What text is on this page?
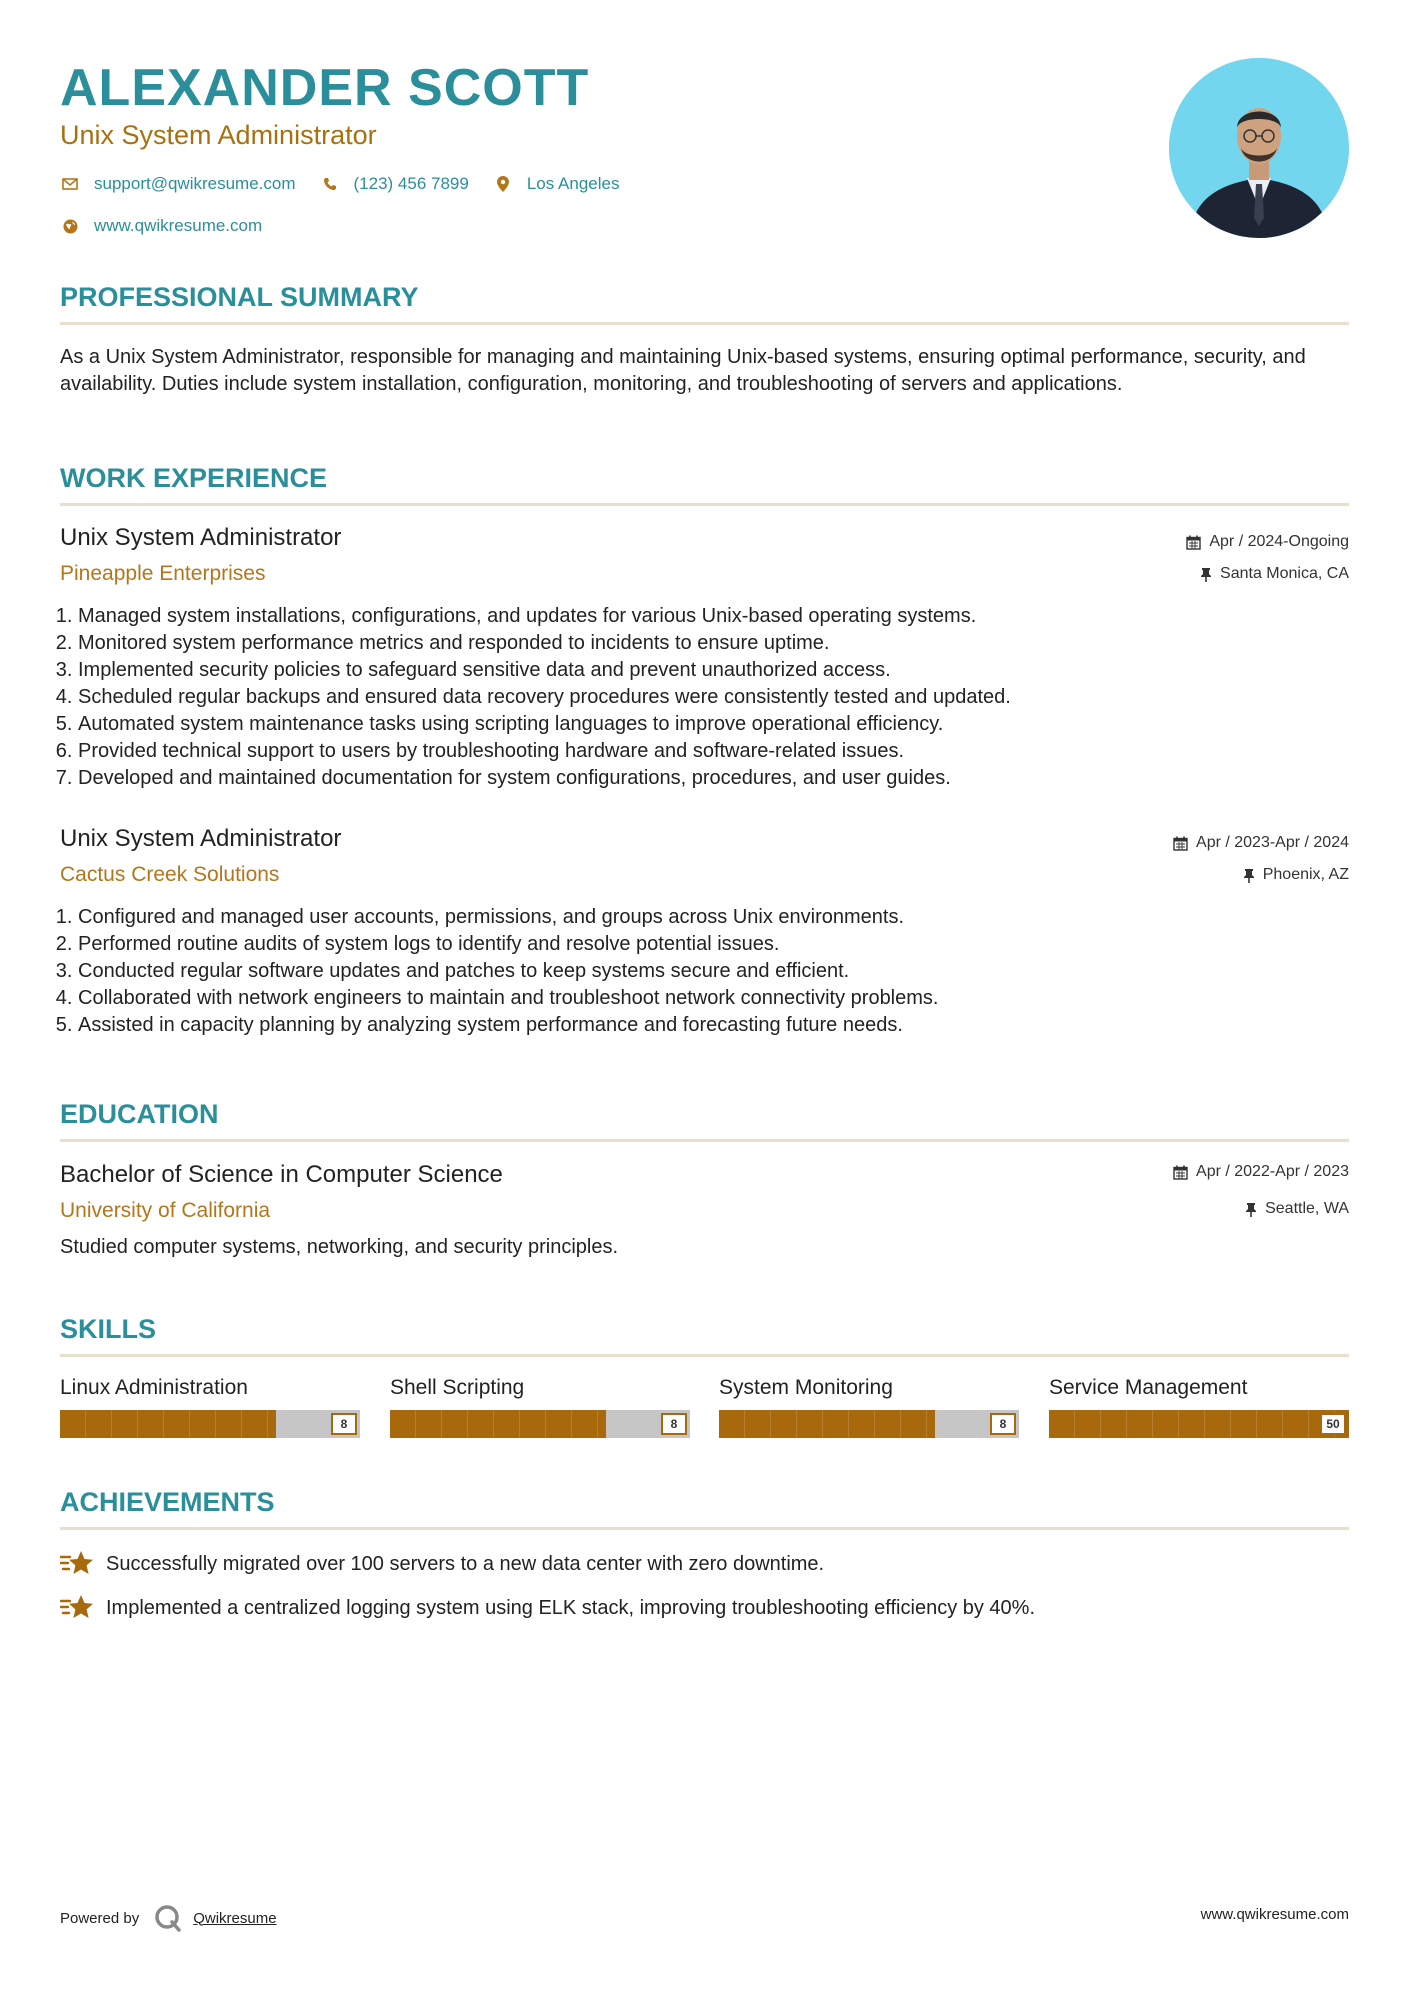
ALEXANDER SCOTT
Unix System Administrator
support@qwikresume.com	(123) 456 7899	Los Angeles
www.qwikresume.com
PROFESSIONAL SUMMARY

As a Unix System Administrator, responsible for managing and maintaining Unix-based systems, ensuring optimal performance, security, and availability. Duties include system installation, configuration, monitoring, and troubleshooting of servers and applications.

WORK EXPERIENCE
Unix System Administrator
Pineapple Enterprises
Apr / 2024-Ongoing
Santa Monica, CA
1. Managed system installations, configurations, and updates for various Unix-based operating systems.
2. Monitored system performance metrics and responded to incidents to ensure uptime.
3. Implemented security policies to safeguard sensitive data and prevent unauthorized access.
4. Scheduled regular backups and ensured data recovery procedures were consistently tested and updated.
5. Automated system maintenance tasks using scripting languages to improve operational efficiency.
6. Provided technical support to users by troubleshooting hardware and software-related issues.
7. Developed and maintained documentation for system configurations, procedures, and user guides.
Unix System Administrator
Cactus Creek Solutions
Apr / 2023-Apr / 2024
Phoenix, AZ
1. Configured and managed user accounts, permissions, and groups across Unix environments.
2. Performed routine audits of system logs to identify and resolve potential issues.
3. Conducted regular software updates and patches to keep systems secure and efficient.
4. Collaborated with network engineers to maintain and troubleshoot network connectivity problems.
5. Assisted in capacity planning by analyzing system performance and forecasting future needs.
EDUCATION
Bachelor of Science in Computer Science
University of California
Apr / 2022-Apr / 2023
Seattle, WA
Studied computer systems, networking, and security principles.
SKILLS
Linux Administration
8
Shell Scripting
8
System Monitoring
8
Service Management
50
ACHIEVEMENTS
Successfully migrated over 100 servers to a new data center with zero downtime.
Implemented a centralized logging system using ELK stack, improving troubleshooting efficiency by 40%.
Powered by	Qwikresume	www.qwikresume.com
